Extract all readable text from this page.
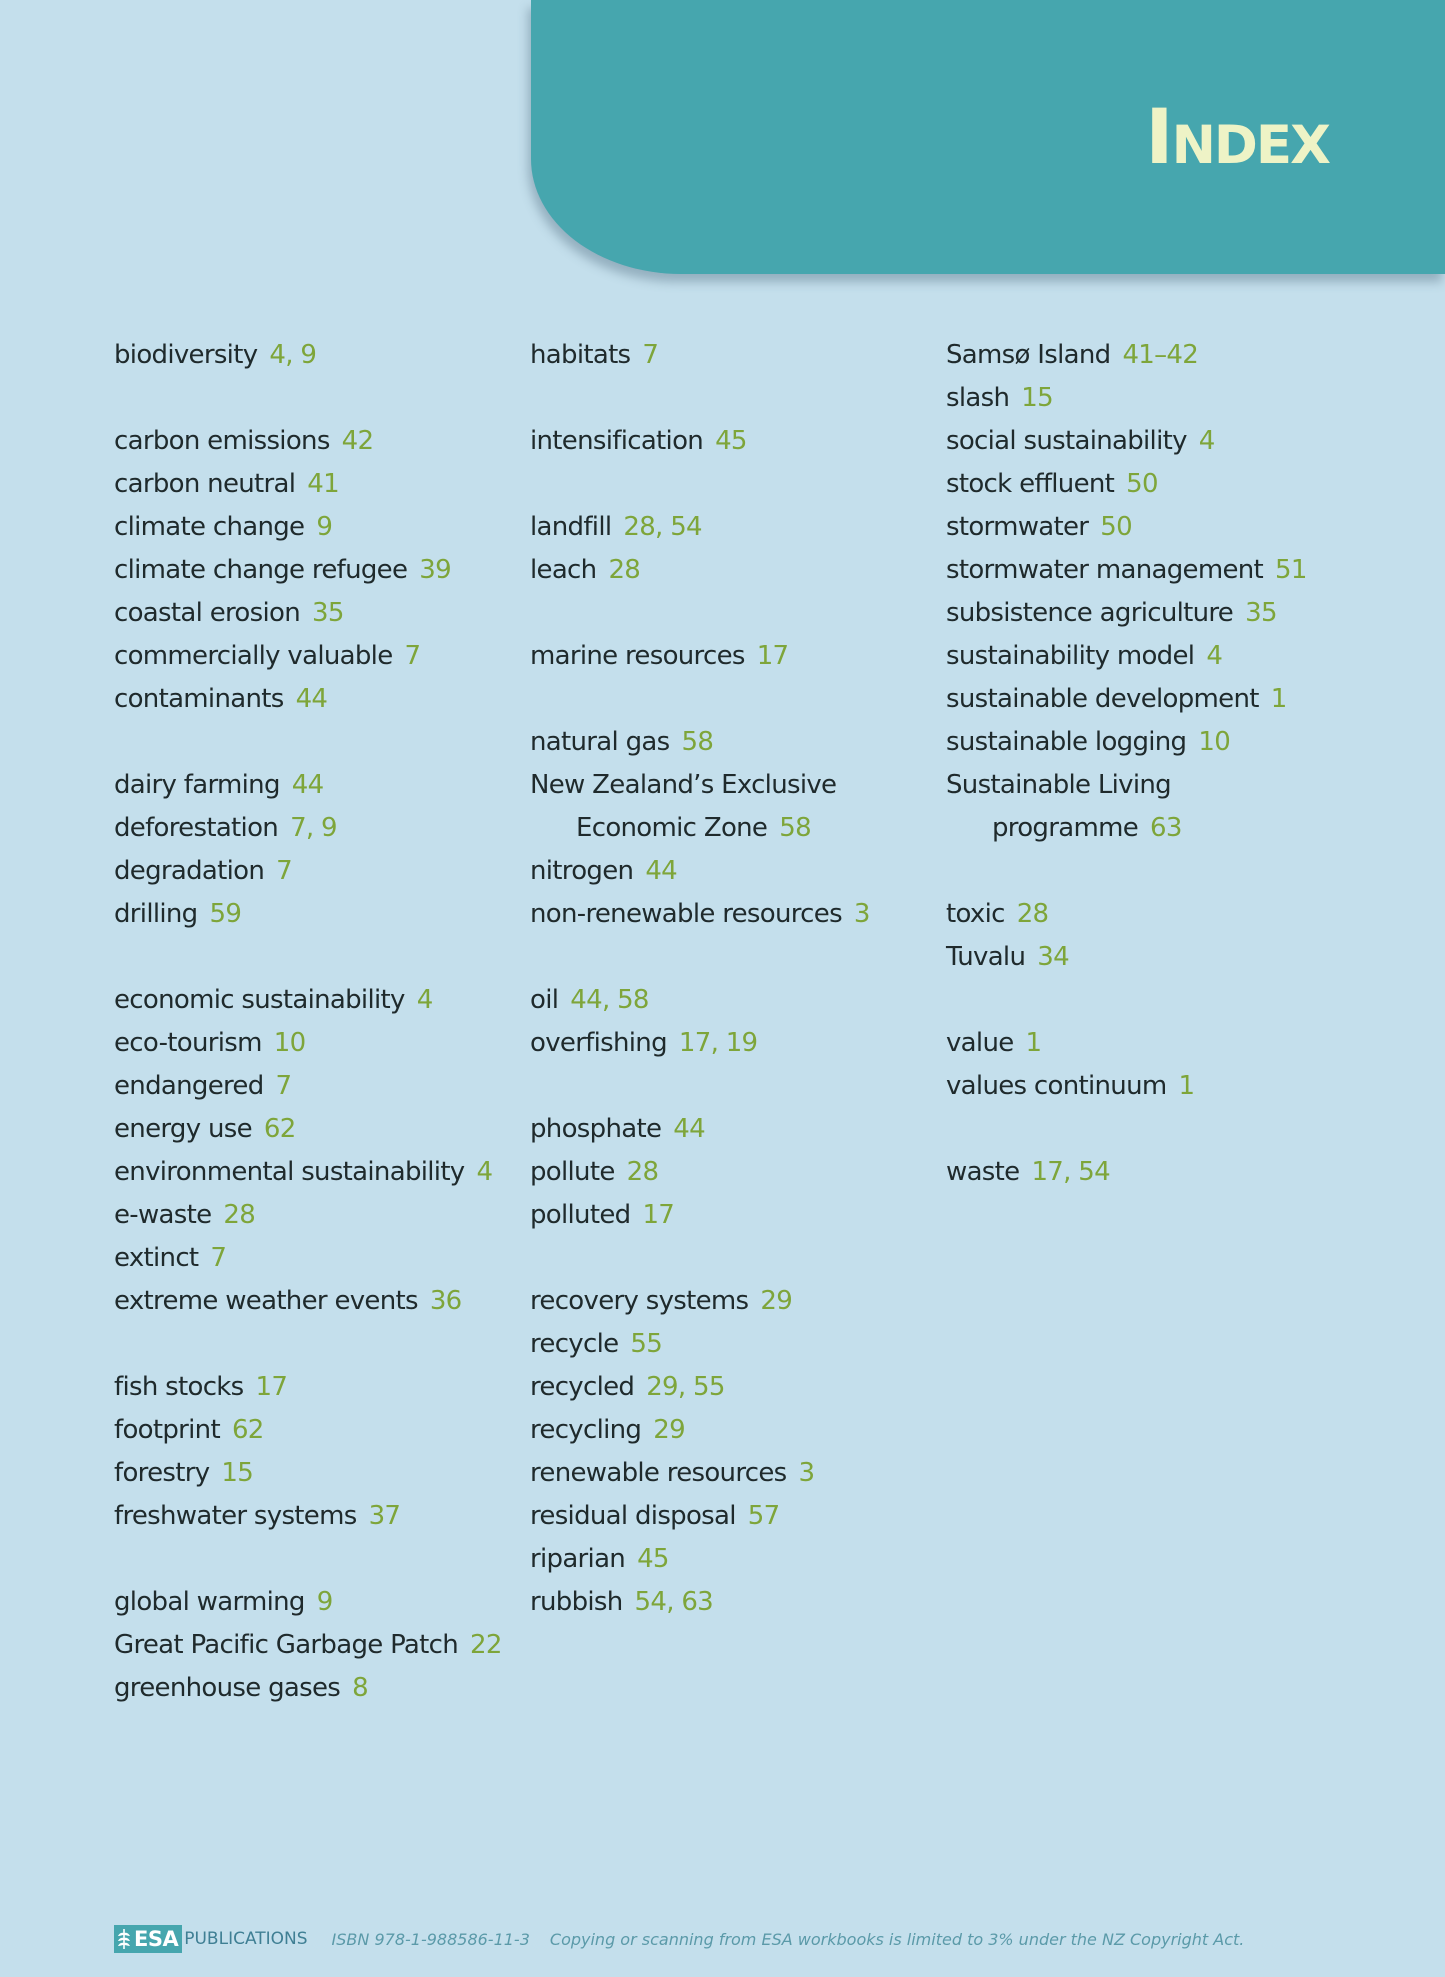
Index
biodiversity 4, 9
carbon emissions 42
carbon neutral 41
climate change 9
climate change refugee 39
coastal erosion 35
commercially valuable 7
contaminants 44
dairy farming 44
deforestation 7, 9
degradation 7
drilling 59
economic sustainability 4
eco-tourism 10
endangered 7
energy use 62
environmental sustainability 4
e-waste 28
extinct 7
extreme weather events 36
fish stocks 17
footprint 62
forestry 15
freshwater systems 37
global warming 9
Great Pacific Garbage Patch 22
greenhouse gases 8
habitats 7
intensification 45
landfill 28, 54
leach 28
marine resources 17
natural gas 58
New Zealand’s Exclusive
Economic Zone 58
nitrogen 44
non-renewable resources 3
oil 44, 58
overfishing 17, 19
phosphate 44
pollute 28
polluted 17
recovery systems 29
recycle 55
recycled 29, 55
recycling 29
renewable resources 3
residual disposal 57
riparian 45
rubbish 54, 63
Samsø Island 41–42
slash 15
social sustainability 4
stock effluent 50
stormwater 50
stormwater management 51
subsistence agriculture 35
sustainability model 4
sustainable development 1
sustainable logging 10
Sustainable Living
programme 63
toxic 28
Tuvalu 34
value 1
values continuum 1
waste 17, 54
ESA PUBLICATIONS ISBN 978-1-988586-11-3 Copying or scanning from ESA workbooks is limited to 3% under the NZ Copyright Act.
